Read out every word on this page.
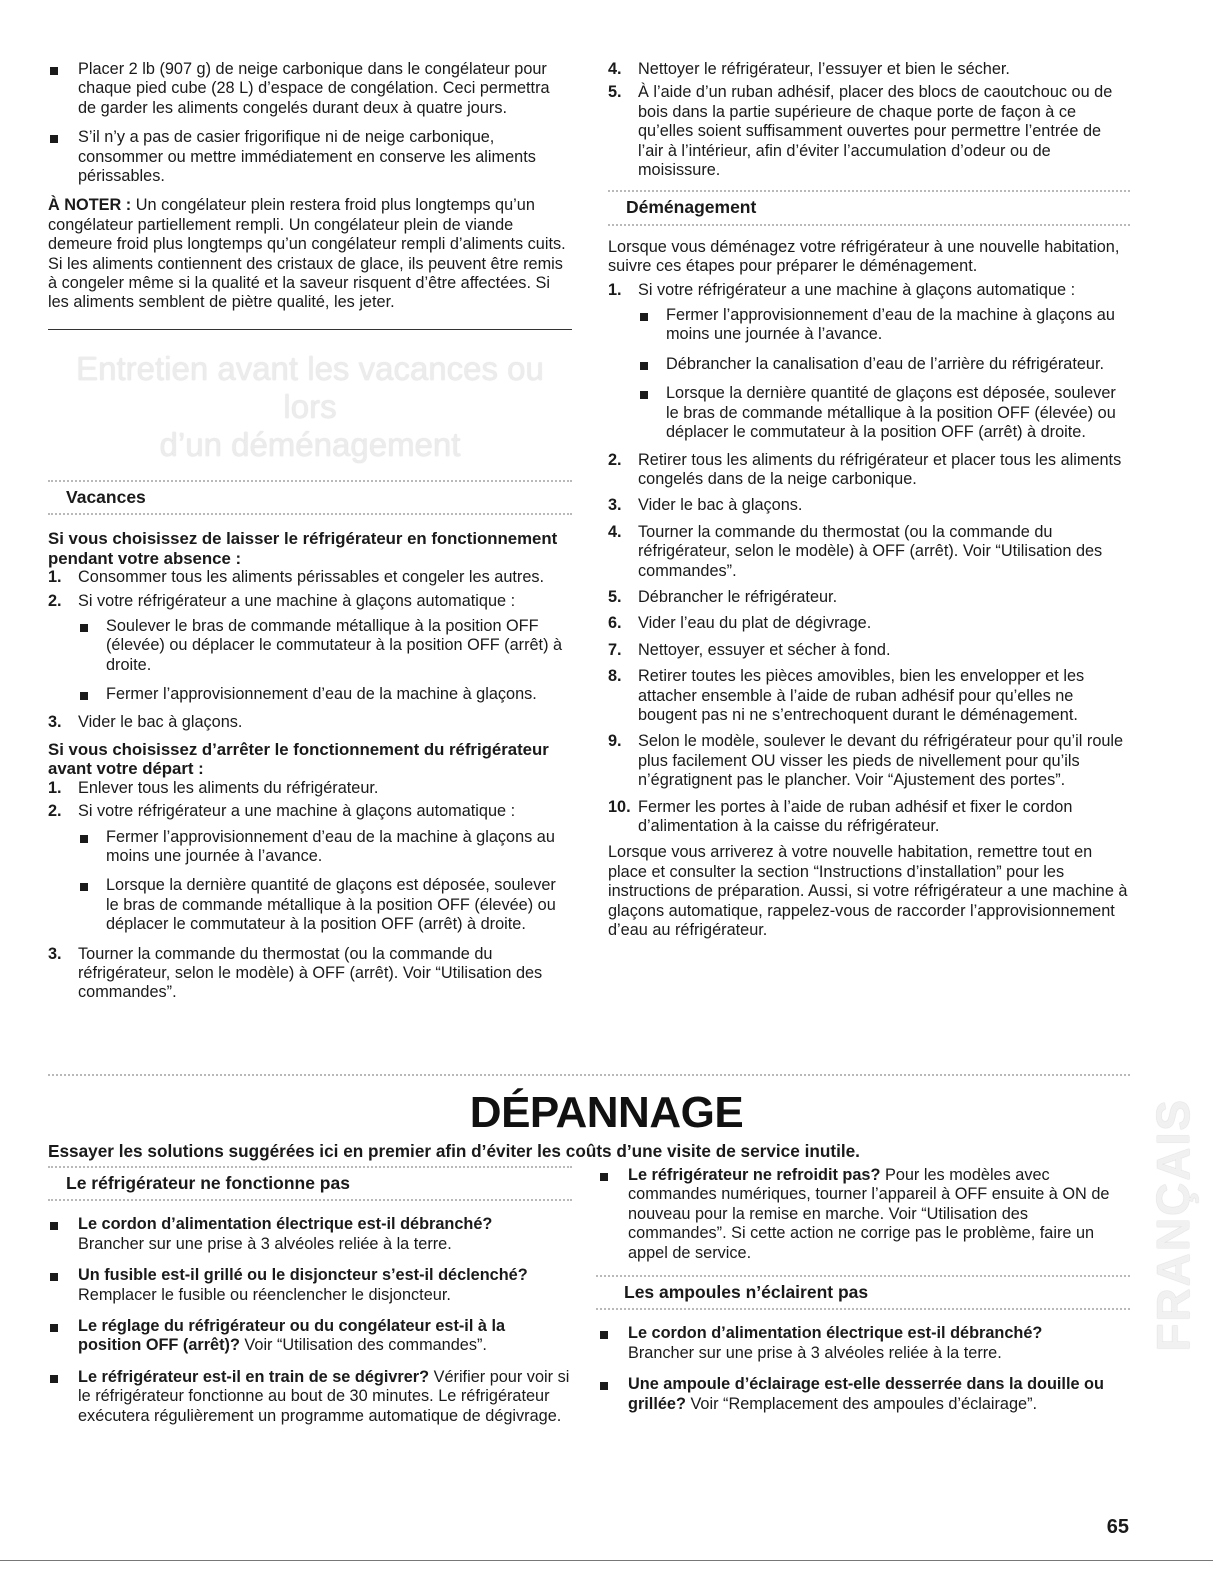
Placer 2 lb (907 g) de neige carbonique dans le congélateur pour chaque pied cube (28 L) d’espace de congélation. Ceci permettra de garder les aliments congelés durant deux à quatre jours.

S’il n’y a pas de casier frigorifique ni de neige carbonique, consommer ou mettre immédiatement en conserve les aliments périssables.

À NOTER : Un congélateur plein restera froid plus longtemps qu’un congélateur partiellement rempli. Un congélateur plein de viande demeure froid plus longtemps qu’un congélateur rempli d’aliments cuits. Si les aliments contiennent des cristaux de glace, ils peuvent être remis à congeler même si la qualité et la saveur risquent d’être affectées. Si les aliments semblent de piètre qualité, les jeter.

Entretien avant les vacances ou lors
d’un déménagement
Vacances

Si vous choisissez de laisser le réfrigérateur en fonctionnement pendant votre absence :

1. Consommer tous les aliments périssables et congeler les autres.
2. Si votre réfrigérateur a une machine à glaçons automatique :

Soulever le bras de commande métallique à la position OFF (élevée) ou déplacer le commutateur à la position OFF (arrêt) à droite.

Fermer l’approvisionnement d’eau de la machine à glaçons.

3. Vider le bac à glaçons.

Si vous choisissez d’arrêter le fonctionnement du réfrigérateur avant votre départ :

1. Enlever tous les aliments du réfrigérateur.
2. Si votre réfrigérateur a une machine à glaçons automatique :

Fermer l’approvisionnement d’eau de la machine à glaçons au moins une journée à l’avance.

Lorsque la dernière quantité de glaçons est déposée, soulever le bras de commande métallique à la position OFF (élevée) ou déplacer le commutateur à la position OFF (arrêt) à droite.

3. Tourner la commande du thermostat (ou la commande du réfrigérateur, selon le modèle) à OFF (arrêt). Voir “Utilisation des commandes”.
4. Nettoyer le réfrigérateur, l’essuyer et bien le sécher.
5. À l’aide d’un ruban adhésif, placer des blocs de caoutchouc ou de bois dans la partie supérieure de chaque porte de façon à ce qu’elles soient suffisamment ouvertes pour permettre l’entrée de l’air à l’intérieur, afin d’éviter l’accumulation d’odeur ou de moisissure.
Déménagement

Lorsque vous déménagez votre réfrigérateur à une nouvelle habitation, suivre ces étapes pour préparer le déménagement.

1. Si votre réfrigérateur a une machine à glaçons automatique :

Fermer l’approvisionnement d’eau de la machine à glaçons au moins une journée à l’avance.

Débrancher la canalisation d’eau de l’arrière du réfrigérateur.

Lorsque la dernière quantité de glaçons est déposée, soulever le bras de commande métallique à la position OFF (élevée) ou déplacer le commutateur à la position OFF (arrêt) à droite.

2. Retirer tous les aliments du réfrigérateur et placer tous les aliments congelés dans de la neige carbonique.
3. Vider le bac à glaçons.
4. Tourner la commande du thermostat (ou la commande du réfrigérateur, selon le modèle) à OFF (arrêt). Voir “Utilisation des commandes”.
5. Débrancher le réfrigérateur.
6. Vider l’eau du plat de dégivrage.
7. Nettoyer, essuyer et sécher à fond.
8. Retirer toutes les pièces amovibles, bien les envelopper et les attacher ensemble à l’aide de ruban adhésif pour qu’elles ne bougent pas ni ne s’entrechoquent durant le déménagement.
9. Selon le modèle, soulever le devant du réfrigérateur pour qu’il roule plus facilement OU visser les pieds de nivellement pour qu’ils n’égratignent pas le plancher. Voir “Ajustement des portes”.
10. Fermer les portes à l’aide de ruban adhésif et fixer le cordon d’alimentation à la caisse du réfrigérateur.

Lorsque vous arriverez à votre nouvelle habitation, remettre tout en place et consulter la section “Instructions d’installation” pour les instructions de préparation. Aussi, si votre réfrigérateur a une machine à glaçons automatique, rappelez-vous de raccorder l’approvisionnement d’eau au réfrigérateur.

DÉPANNAGE
Essayer les solutions suggérées ici en premier afin d’éviter les coûts d’une visite de service inutile.
Le réfrigérateur ne fonctionne pas
Le cordon d’alimentation électrique est-il débranché?
Brancher sur une prise à 3 alvéoles reliée à la terre.
Un fusible est-il grillé ou le disjoncteur s’est-il déclenché?
Remplacer le fusible ou réenclencher le disjoncteur.
Le réglage du réfrigérateur ou du congélateur est-il à la position OFF (arrêt)? Voir “Utilisation des commandes”.
Le réfrigérateur est-il en train de se dégivrer? Vérifier pour voir si le réfrigérateur fonctionne au bout de 30 minutes. Le réfrigérateur exécutera régulièrement un programme automatique de dégivrage.
Le réfrigérateur ne refroidit pas? Pour les modèles avec commandes numériques, tourner l’appareil à OFF ensuite à ON de nouveau pour la remise en marche. Voir “Utilisation des commandes”. Si cette action ne corrige pas le problème, faire un appel de service.
Les ampoules n’éclairent pas
Le cordon d’alimentation électrique est-il débranché?
Brancher sur une prise à 3 alvéoles reliée à la terre.
Une ampoule d’éclairage est-elle desserrée dans la douille ou grillée? Voir “Remplacement des ampoules d’éclairage”.
FRANÇAIS
65
